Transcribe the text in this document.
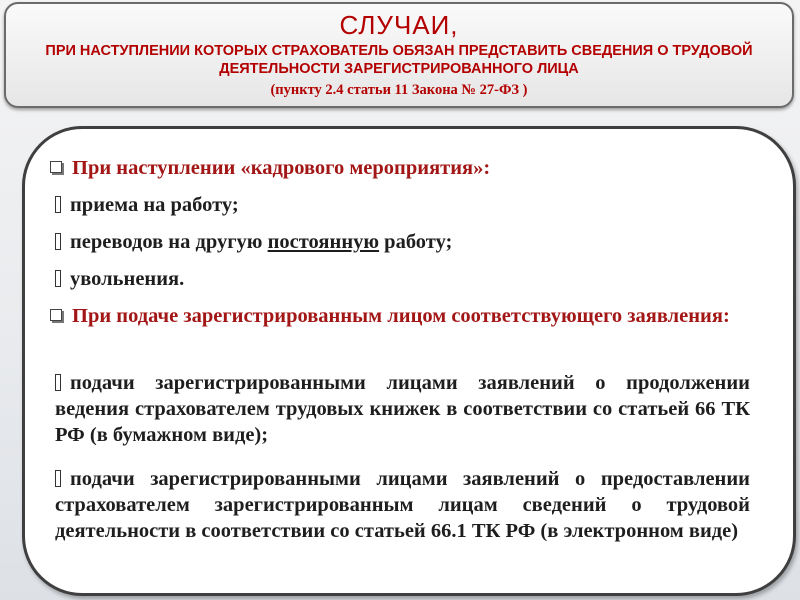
СЛУЧАИ,
ПРИ НАСТУПЛЕНИИ КОТОРЫХ СТРАХОВАТЕЛЬ ОБЯЗАН ПРЕДСТАВИТЬ СВЕДЕНИЯ О ТРУДОВОЙ ДЕЯТЕЛЬНОСТИ ЗАРЕГИСТРИРОВАННОГО ЛИЦА
(пункту 2.4 статьи 11 Закона № 27-ФЗ )
При наступлении «кадрового мероприятия»:
приема на работу;
переводов на другую постоянную работу;
увольнения.
При подаче зарегистрированным лицом соответствующего заявления:
подачи зарегистрированными лицами заявлений о продолжении ведения страхователем трудовых книжек в соответствии со статьей 66 ТК РФ (в бумажном виде);
подачи зарегистрированными лицами заявлений о предоставлении страхователем зарегистрированным лицам сведений о трудовой деятельности в соответствии со статьей 66.1 ТК РФ (в электронном виде)
